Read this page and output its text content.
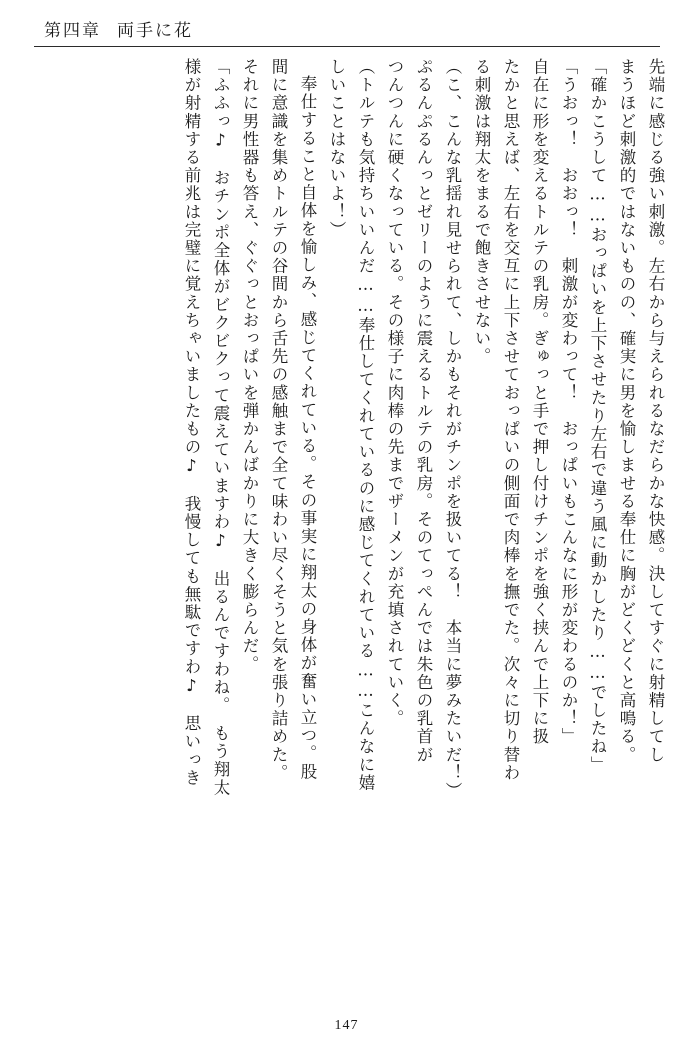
第四章 両手に花
先端に感じる強い刺激。左右から与えられるなだらかな快感。決してすぐに射精してし
まうほど刺激的ではないものの、確実に男を愉しませる奉仕に胸がどくどくと高鳴る。
「確かこうして……おっぱいを上下させたり左右で違う風に動かしたり……でしたね」
「うおっ！　おおっ！　刺激が変わって！　おっぱいもこんなに形が変わるのか！」
自在に形を変えるトルテの乳房。ぎゅっと手で押し付けチンポを強く挟んで上下に扱
たかと思えば、左右を交互に上下させておっぱいの側面で肉棒を撫でた。次々に切り替わ
る刺激は翔太をまるで飽きさせない。
（こ、こんな乳揺れ見せられて、しかもそれがチンポを扱いてる！　本当に夢みたいだ！）
ぷるんぷるんっとゼリーのように震えるトルテの乳房。そのてっぺんでは朱色の乳首が
つんつんに硬くなっている。その様子に肉棒の先までザーメンが充填されていく。
（トルテも気持ちいいんだ……奉仕してくれているのに感じてくれている……こんなに嬉
しいことはないよ！）
奉仕すること自体を愉しみ、感じてくれている。その事実に翔太の身体が奮い立つ。股
間に意識を集めトルテの谷間から舌先の感触まで全て味わい尽くそうと気を張り詰めた。
それに男性器も答え、ぐぐっとおっぱいを弾かんばかりに大きく膨らんだ。
「ふふっ♪　おチンポ全体がビクビクって震えていますわ♪　出るんですわね。　もう翔太
様が射精する前兆は完璧に覚えちゃいましたもの♪　我慢しても無駄ですわ♪　思いっき
147
